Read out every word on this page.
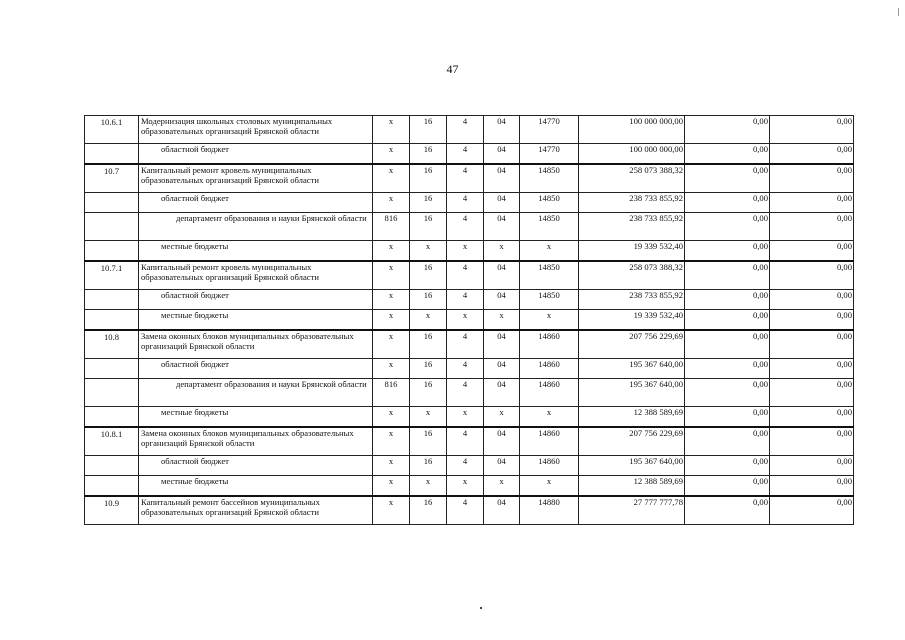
47
10.6.1	Модернизация школьных столовых муниципальных образовательных организаций Брянской области	х	16	4	04	14770	100 000 000,00	0,00	0,00
	областной бюджет	х	16	4	04	14770	100 000 000,00	0,00	0,00
10.7	Капитальный ремонт кровель муниципальных образовательных организаций Брянской области	х	16	4	04	14850	258 073 388,32	0,00	0,00
	областной бюджет	х	16	4	04	14850	238 733 855,92	0,00	0,00
	департамент образования и науки Брянской области	816	16	4	04	14850	238 733 855,92	0,00	0,00
	местные бюджеты	х	х	х	х	х	19 339 532,40	0,00	0,00
10.7.1	Капитальный ремонт кровель муниципальных образовательных организаций Брянской области	х	16	4	04	14850	258 073 388,32	0,00	0,00
	областной бюджет	х	16	4	04	14850	238 733 855,92	0,00	0,00
	местные бюджеты	х	х	х	х	х	19 339 532,40	0,00	0,00
10.8	Замена оконных блоков муниципальных образовательных организаций Брянской области	х	16	4	04	14860	207 756 229,69	0,00	0,00
	областной бюджет	х	16	4	04	14860	195 367 640,00	0,00	0,00
	департамент образования и науки Брянской области	816	16	4	04	14860	195 367 640,00	0,00	0,00
	местные бюджеты	х	х	х	х	х	12 388 589,69	0,00	0,00
10.8.1	Замена оконных блоков муниципальных образовательных организаций Брянской области	х	16	4	04	14860	207 756 229,69	0,00	0,00
	областной бюджет	х	16	4	04	14860	195 367 640,00	0,00	0,00
	местные бюджеты	х	х	х	х	х	12 388 589,69	0,00	0,00
10.9	Капитальный ремонт бассейнов муниципальных образовательных организаций Брянской области	х	16	4	04	14880	27 777 777,78	0,00	0,00
